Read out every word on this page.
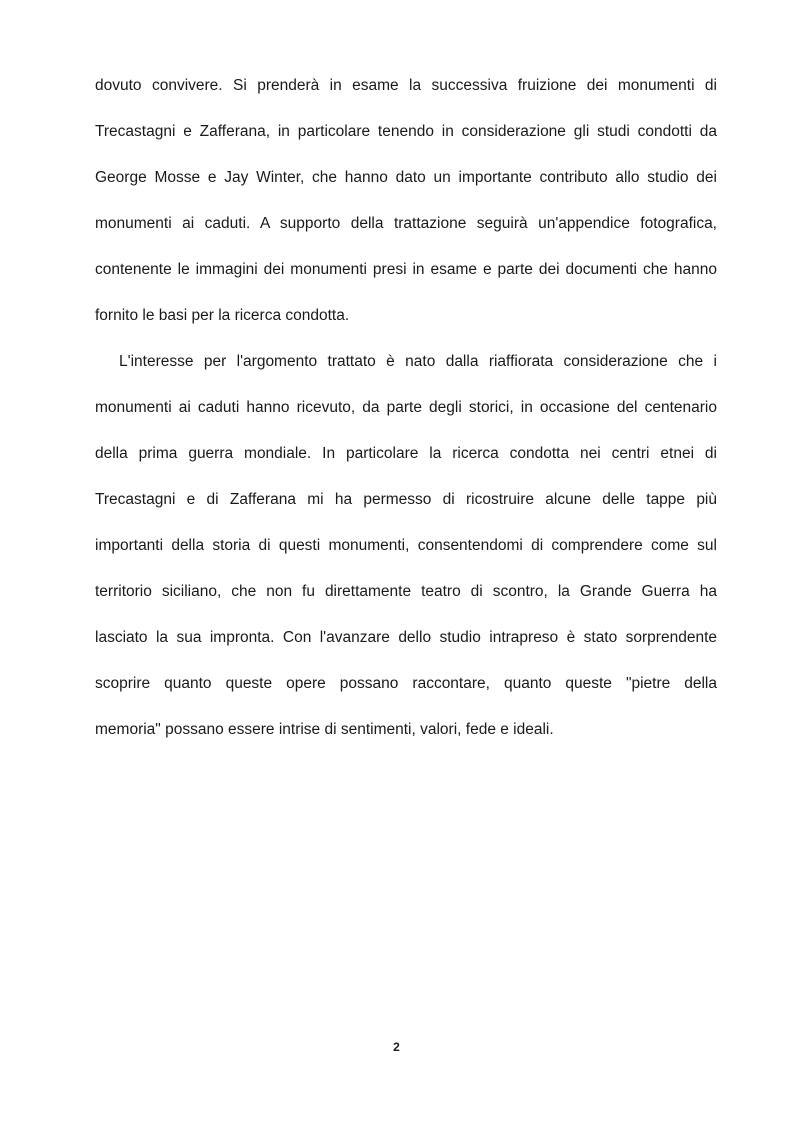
dovuto convivere. Si prenderà in esame la successiva fruizione dei monumenti di
Trecastagni e Zafferana, in particolare tenendo in considerazione gli studi condotti da
George Mosse e Jay Winter, che hanno dato un importante contributo allo studio dei
monumenti ai caduti. A supporto della trattazione seguirà un'appendice fotografica,
contenente le immagini dei monumenti presi in esame e parte dei documenti che hanno
fornito le basi per la ricerca condotta.
L'interesse per l'argomento trattato è nato dalla riaffiorata considerazione che i
monumenti ai caduti hanno ricevuto, da parte degli storici, in occasione del centenario
della prima guerra mondiale. In particolare la ricerca condotta nei centri etnei di
Trecastagni e di Zafferana mi ha permesso di ricostruire alcune delle tappe più
importanti della storia di questi monumenti, consentendomi di comprendere come sul
territorio siciliano, che non fu direttamente teatro di scontro, la Grande Guerra ha
lasciato la sua impronta. Con l'avanzare dello studio intrapreso è stato sorprendente
scoprire quanto queste opere possano raccontare, quanto queste "pietre della
memoria" possano essere intrise di sentimenti, valori, fede e ideali.
2
